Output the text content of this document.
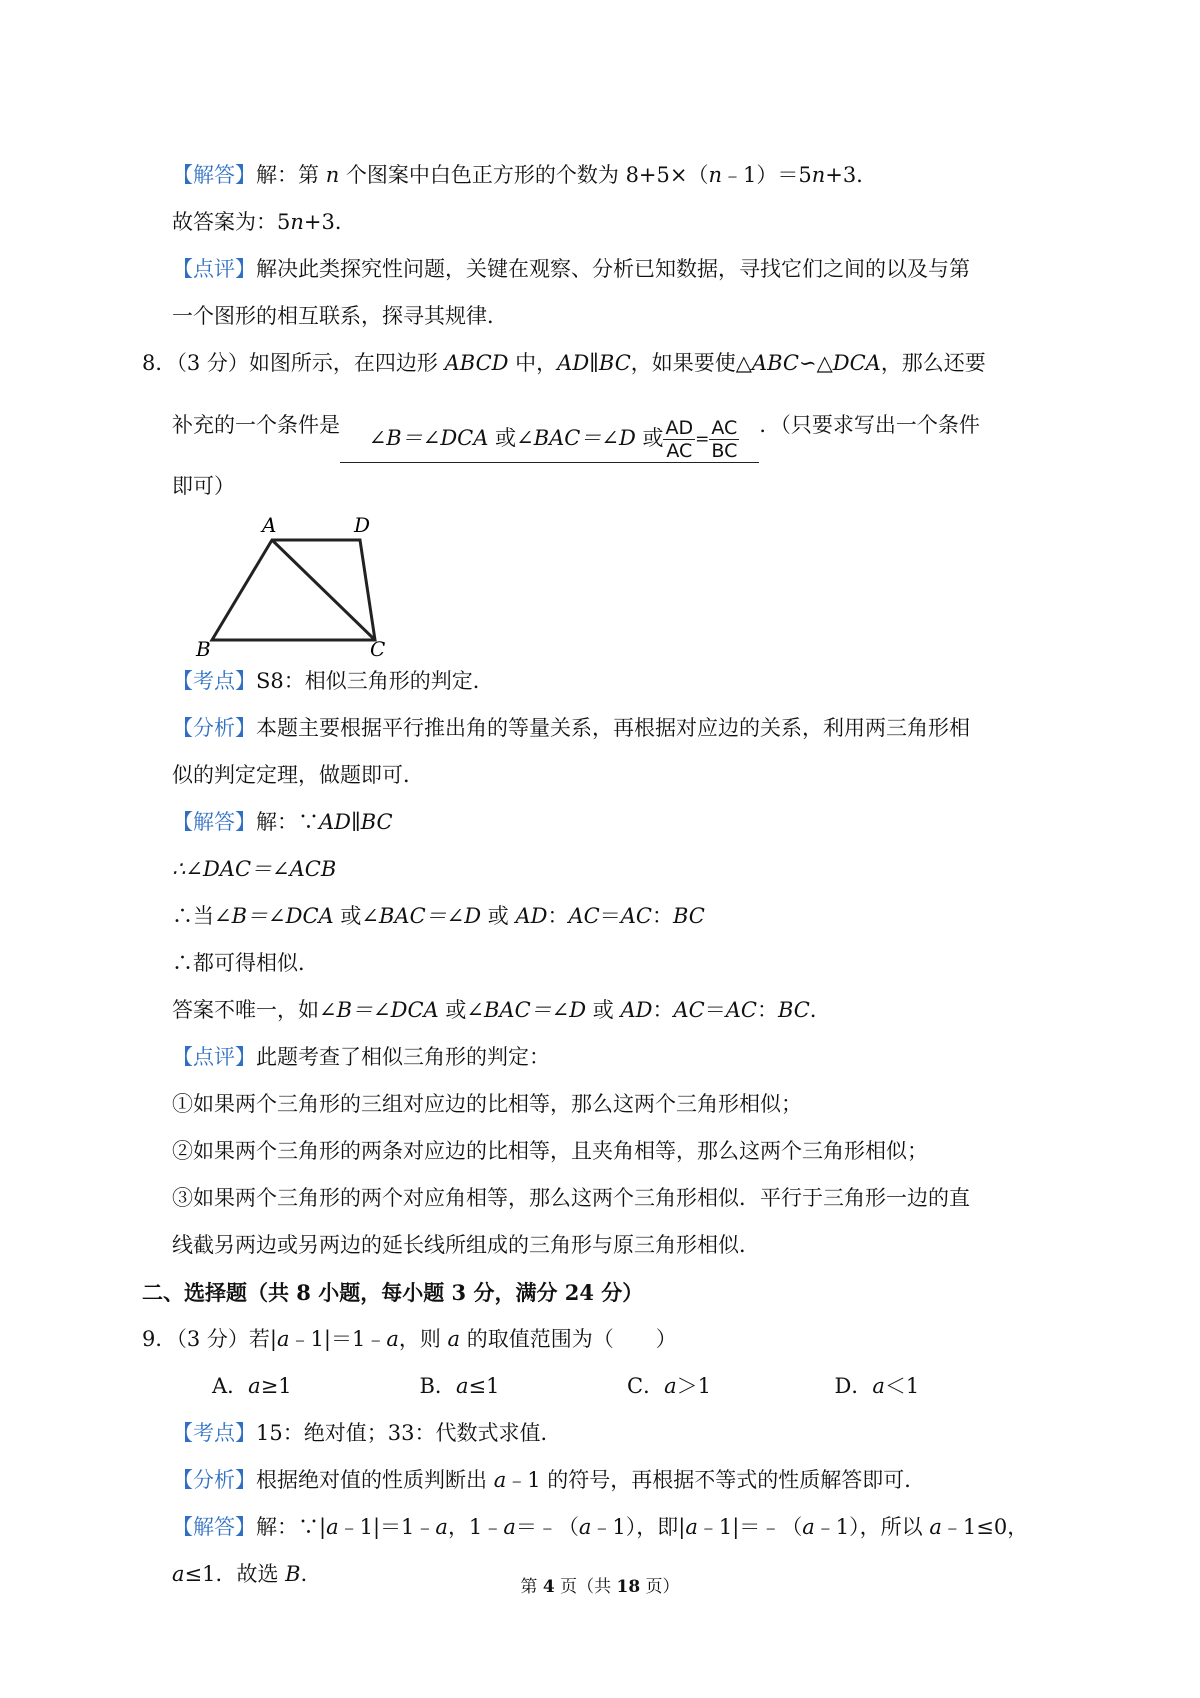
【解答】解：第 n 个图案中白色正方形的个数为 8+5×（n﹣1）＝5n+3．
故答案为：5n+3．
【点评】解决此类探究性问题，关键在观察、分析已知数据，寻找它们之间的以及与第
一个图形的相互联系，探寻其规律．
8．（3 分）如图所示，在四边形 ABCD 中，AD∥BC，如果要使△ABC∽△DCA，那么还要
补充的一个条件是    ∠B＝∠DCA 或∠BAC＝∠D 或 $\frac{AD}{AC} = \frac{AC}{BC}$ ．（只要求写出一个条件
即可）
A	D
B	C
【考点】S8：相似三角形的判定．
【分析】本题主要根据平行推出角的等量关系，再根据对应边的关系，利用两三角形相
似的判定定理，做题即可．
【解答】解：∵AD∥BC
∴∠DAC＝∠ACB
∴当∠B＝∠DCA 或∠BAC＝∠D 或 AD：AC＝AC：BC
∴都可得相似．
答案不唯一，如∠B＝∠DCA 或∠BAC＝∠D 或 AD：AC＝AC：BC．
【点评】此题考查了相似三角形的判定：
①如果两个三角形的三组对应边的比相等，那么这两个三角形相似；
②如果两个三角形的两条对应边的比相等，且夹角相等，那么这两个三角形相似；
③如果两个三角形的两个对应角相等，那么这两个三角形相似．平行于三角形一边的直
线截另两边或另两边的延长线所组成的三角形与原三角形相似．
二、选择题（共 8 小题，每小题 3 分，满分 24 分）
9．（3 分）若|a﹣1|＝1﹣a，则 a 的取值范围为（　　）
A．a≥1	B．a≤1	C．a＞1	D．a＜1
【考点】15：绝对值；33：代数式求值．
【分析】根据绝对值的性质判断出 a﹣1 的符号，再根据不等式的性质解答即可．
【解答】解：∵|a﹣1|＝1﹣a，1﹣a＝﹣（a﹣1），即|a﹣1|＝﹣（a﹣1），所以 a﹣1≤0，
a≤1．故选 B．
第 4 页（共 18 页）
